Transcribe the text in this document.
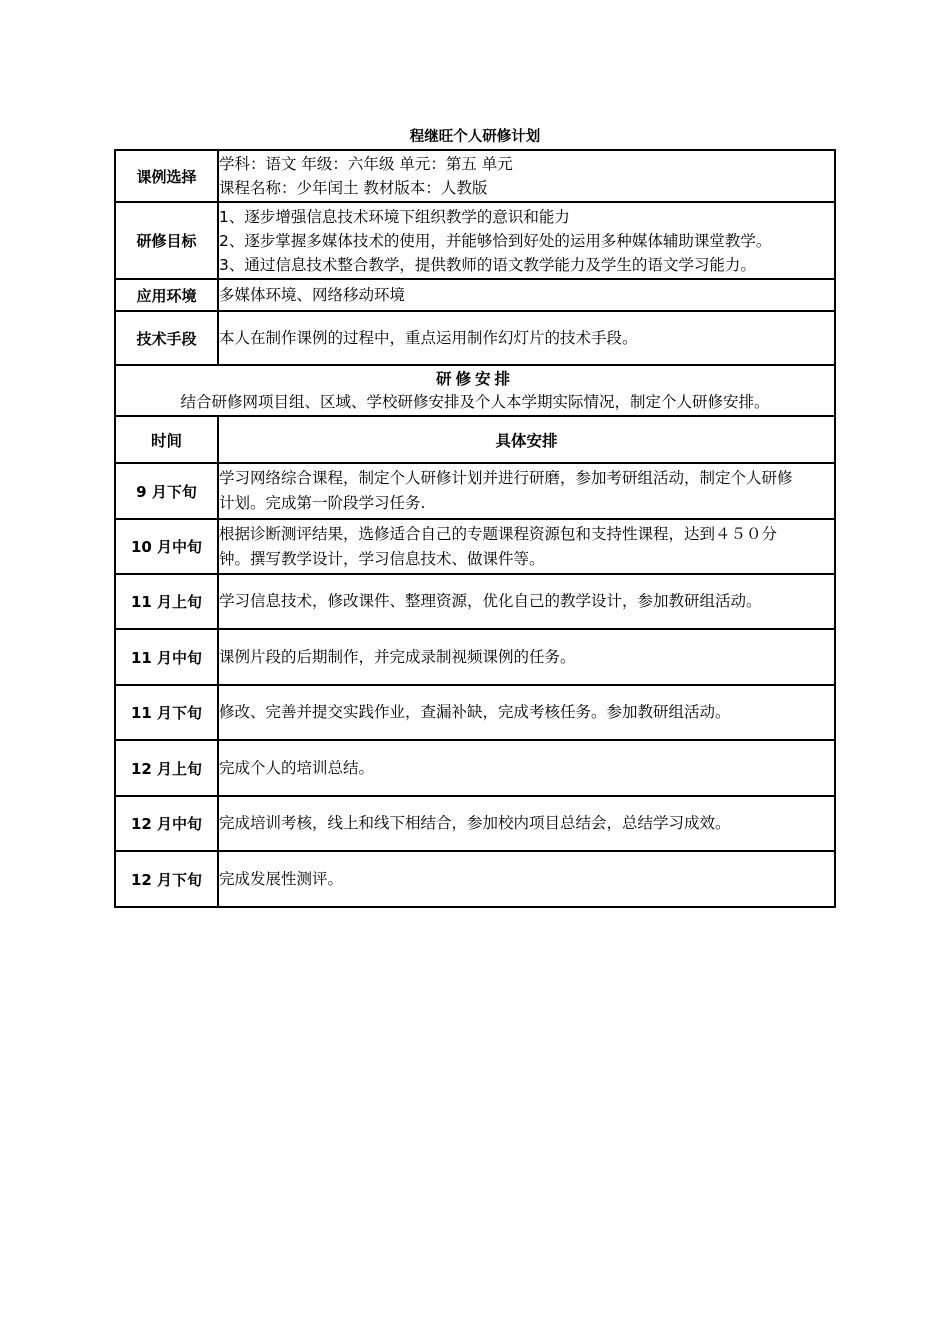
程继旺个人研修计划
课例选择	学科：语文 年级：六年级 单元：第五 单元
课程名称：少年闰土 教材版本：人教版

研修目标	1、逐步增强信息技术环境下组织教学的意识和能力
2、逐步掌握多媒体技术的使用，并能够恰到好处的运用多种媒体辅助课堂教学。
3、通过信息技术整合教学，提供教师的语文教学能力及学生的语文学习能力。

应用环境	多媒体环境、网络移动环境

技术手段	本人在制作课例的过程中，重点运用制作幻灯片的技术手段。

研修安排
结合研修网项目组、区域、学校研修安排及个人本学期实际情况，制定个人研修安排。	

时间	具体安排
9 月下旬	学习网络综合课程，制定个人研修计划并进行研磨，参加考研组活动，制定个人研修
计划。完成第一阶段学习任务.

10 月中旬	根据诊断测评结果，选修适合自己的专题课程资源包和支持性课程，达到４５０分
钟。撰写教学设计，学习信息技术、做课件等。

11 月上旬	学习信息技术，修改课件、整理资源，优化自己的教学设计，参加教研组活动。

11 月中旬	课例片段的后期制作，并完成录制视频课例的任务。

11 月下旬	修改、完善并提交实践作业，查漏补缺，完成考核任务。参加教研组活动。

12 月上旬	完成个人的培训总结。

12 月中旬	完成培训考核，线上和线下相结合，参加校内项目总结会，总结学习成效。

12 月下旬	完成发展性测评。
